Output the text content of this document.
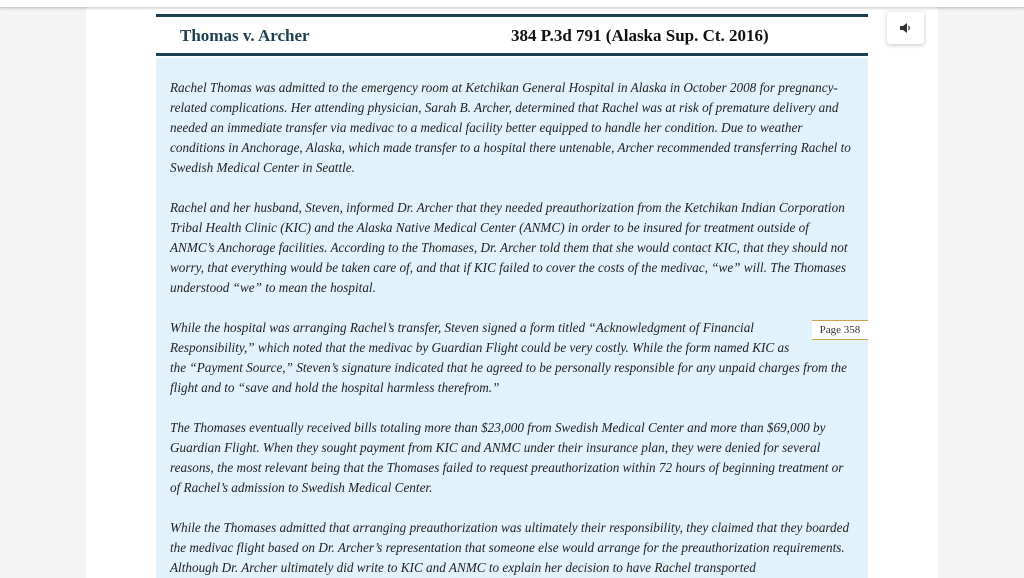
Thomas v. Archer	384 P.3d 791 (Alaska Sup. Ct. 2016)

Rachel Thomas was admitted to the emergency room at Ketchikan General Hospital in Alaska in October 2008 for pregnancy-related complications. Her attending physician, Sarah B. Archer, determined that Rachel was at risk of premature delivery and needed an immediate transfer via medivac to a medical facility better equipped to handle her condition. Due to weather conditions in Anchorage, Alaska, which made transfer to a hospital there untenable, Archer recommended transferring Rachel to Swedish Medical Center in Seattle.

Rachel and her husband, Steven, informed Dr. Archer that they needed preauthorization from the Ketchikan Indian Corporation Tribal Health Clinic (KIC) and the Alaska Native Medical Center (ANMC) in order to be insured for treatment outside of ANMC’s Anchorage facilities. According to the Thomases, Dr. Archer told them that she would contact KIC, that they should not worry, that everything would be taken care of, and that if KIC failed to cover the costs of the medivac, “we” will. The Thomases understood “we” to mean the hospital.

Page 358
While the hospital was arranging Rachel’s transfer, Steven signed a form titled “Acknowledgment of Financial Responsibility,” which noted that the medivac by Guardian Flight could be very costly. While the form named KIC as the “Payment Source,” Steven’s signature indicated that he agreed to be personally responsible for any unpaid charges from the flight and to “save and hold the hospital harmless therefrom.”

The Thomases eventually received bills totaling more than $23,000 from Swedish Medical Center and more than $69,000 by Guardian Flight. When they sought payment from KIC and ANMC under their insurance plan, they were denied for several reasons, the most relevant being that the Thomases failed to request preauthorization within 72 hours of beginning treatment or of Rachel’s admission to Swedish Medical Center.

While the Thomases admitted that arranging preauthorization was ultimately their responsibility, they claimed that they boarded the medivac flight based on Dr. Archer’s representation that someone else would arrange for the preauthorization requirements. Although Dr. Archer ultimately did write to KIC and ANMC to explain her decision to have Rachel transported
